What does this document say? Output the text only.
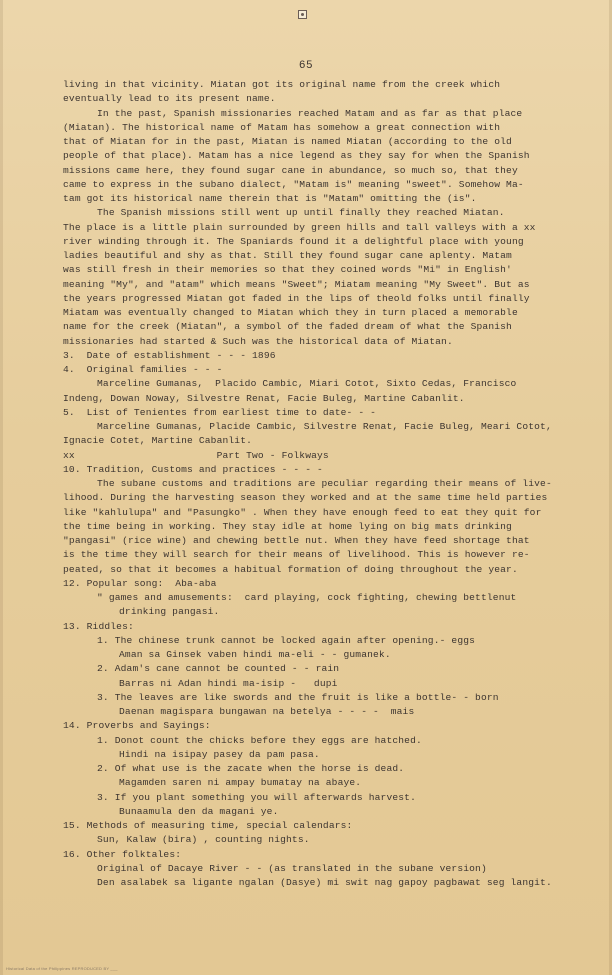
65

living in that vicinity. Miatan got its original name from the creek which

eventually lead to its present name.

In the past, Spanish missionaries reached Matam and as far as that place

(Miatan). The historical name of Matam has somehow a great connection with

that of Miatan for in the past, Miatan is named Miatan (according to the old

people of that place). Matam has a nice legend as they say for when the Spanish

missions came here, they found sugar cane in abundance, so much so, that they

came to express in the subano dialect, "Matam is" meaning "sweet". Somehow Ma-

tam got its historical name therein that is "Matam" omitting the (is".

The Spanish missions still went up until finally they reached Miatan.

The place is a little plain surrounded by green hills and tall valleys with a xx

river winding through it. The Spaniards found it a delightful place with young

ladies beautiful and shy as that. Still they found sugar cane aplenty. Matam

was still fresh in their memories so that they coined words "Mi" in English'

meaning "My", and "atam" which means "Sweet"; Miatam meaning "My Sweet". But as

the years progressed Miatan got faded in the lips of theold folks until finally

Miatam was eventually changed to Miatan which they in turn placed a memorable

name for the creek (Miatan", a symbol of the faded dream of what the Spanish

missionaries had started & Such was the historical data of Miatan.

3.  Date of establishment - - - 1896

4.  Original families - - -

Marceline Gumanas,  Placido Cambic, Miari Cotot, Sixto Cedas, Francisco

Indeng, Dowan Noway, Silvestre Renat, Facie Buleg, Martine Cabanlit.

5.  List of Tenientes from earliest time to date- - -

Marceline Gumanas, Placide Cambic, Silvestre Renat, Facie Buleg, Meari Cotot,

Ignacie Cotet, Martine Cabanlit.

xx                        Part Two - Folkways

10. Tradition, Customs and practices - - - -

The subane customs and traditions are peculiar regarding their means of live-

lihood. During the harvesting season they worked and at the same time held parties

like "kahlulupa" and "Pasungko" . When they have enough feed to eat they quit for

the time being in working. They stay idle at home lying on big mats drinking

"pangasi" (rice wine) and chewing bettle nut. When they have feed shortage that

is the time they will search for their means of livelihood. This is however re-

peated, so that it becomes a habitual formation of doing throughout the year.

12. Popular song:  Aba-aba

" games and amusements:  card playing, cock fighting, chewing bettlenut

drinking pangasi.

13. Riddles:

1. The chinese trunk cannot be locked again after opening.- eggs

Aman sa Ginsek vaben hindi ma-eli - - gumanek.

2. Adam's cane cannot be counted - - rain

Barras ni Adan hindi ma-isip -   dupi

3. The leaves are like swords and the fruit is like a bottle- - born

Daenan magispara bungawan na betelya - - - -  mais

14. Proverbs and Sayings:

1. Donot count the chicks before they eggs are hatched.

Hindi na isipay pasey da pam pasa.

2. Of what use is the zacate when the horse is dead.

Magamden saren ni ampay bumatay na abaye.

3. If you plant something you will afterwards harvest.

Bunaamula den da magani ye.

15. Methods of measuring time, special calendars:

Sun, Kalaw (bira) , counting nights.

16. Other folktales:

Original of Dacaye River - - (as translated in the subane version)

Den asalabek sa ligante ngalan (Dasye) mi swit nag gapoy pagbawat seg langit.

Historical Data of the Philippines REPRODUCED BY ___
